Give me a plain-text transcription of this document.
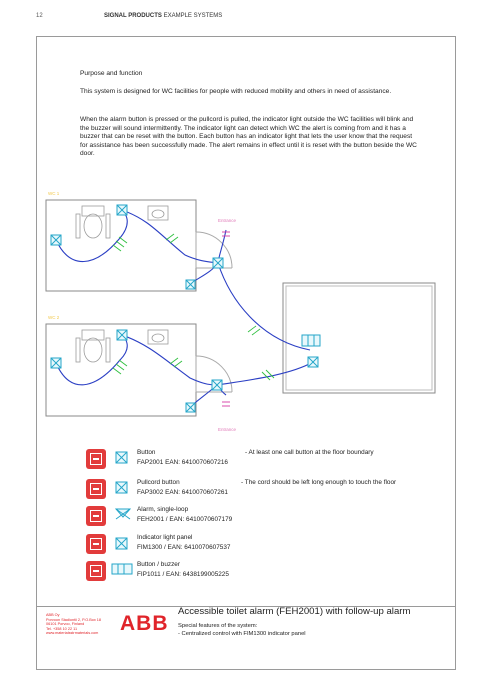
12	SIGNAL PRODUCTS EXAMPLE SYSTEMS
Purpose and function
This system is designed for WC facilities for people with reduced mobility and others in need of assistance.
When the alarm button is pressed or the pullcord is pulled, the indicator light outside the WC facilities will blink and the buzzer will sound intermittently. The indicator light can detect which WC the alert is coming from and it has a buzzer that can be reset with the button. Each button has an indicator light that lets the user know that the request for assistance has been successfully made. The alert remains in effect until it is reset with the button beside the WC door.
WC 1
WC 2
Entrance
Entrance
Button
FAP2001 EAN: 6410070607216
- At least one call button at the floor boundary
Pullcord button
FAP3002 EAN: 6410070607261
- The cord should be left long enough to touch the floor
Alarm, single-loop
FEH2001 / EAN: 6410070607179
Indicator light panel
FIM1300 / EAN: 6410070607537
Button / buzzer
FIP1011 / EAN: 6438199005225
ABB Oy
Porvoon Stadiontii 2, P.O.Box 18
06101 Porvoo, Finland
Tel. +358 10 22 11
www.materialsstrmaterials.com ABB
Accessible toilet alarm (FEH2001) with follow-up alarm
Special features of the system:
- Centralized control with FIM1300 indicator panel
